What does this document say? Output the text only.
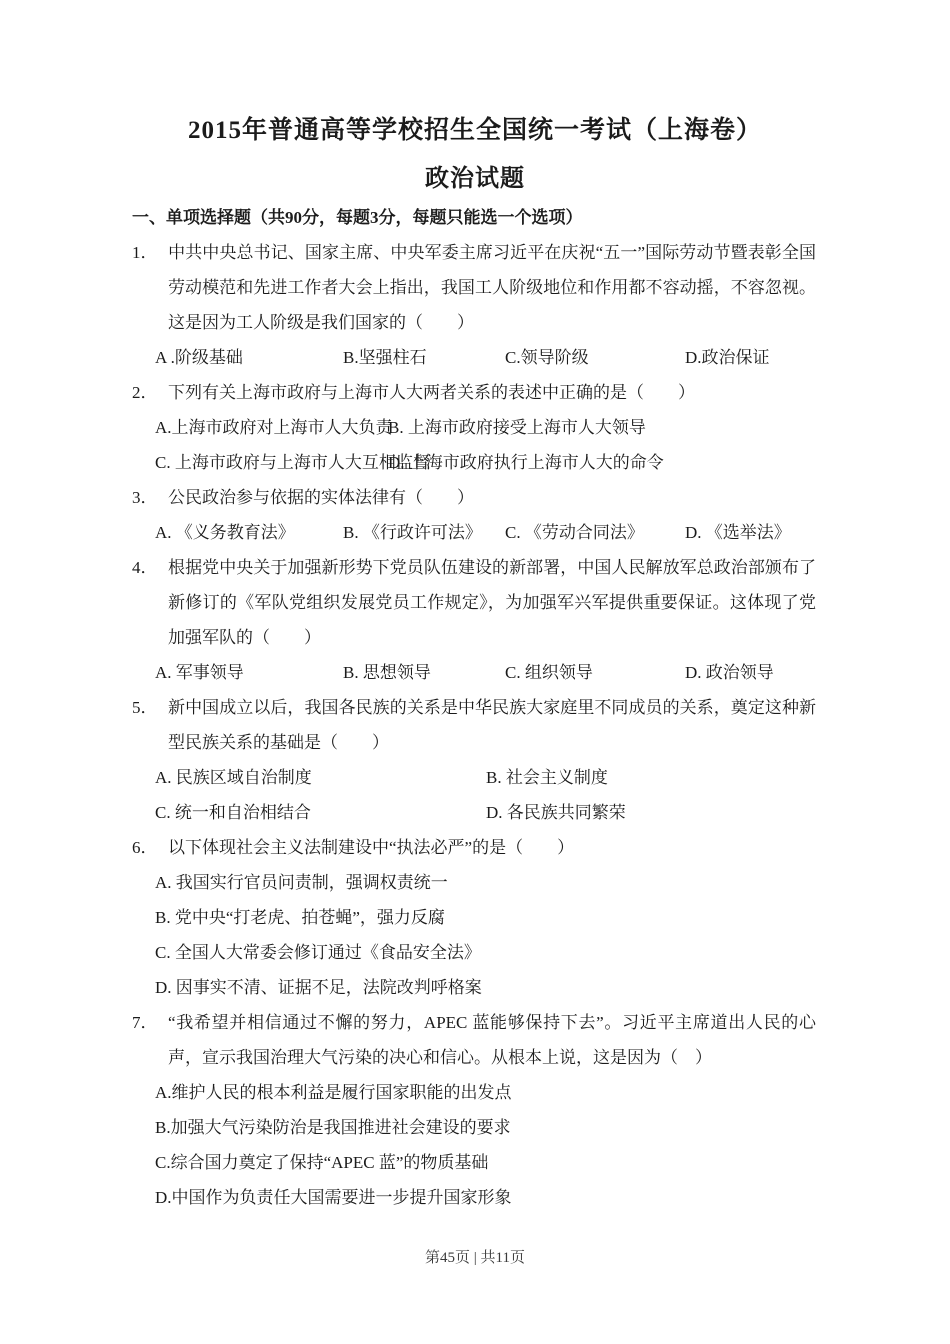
2015年普通高等学校招生全国统一考试（上海卷）
政治试题
一、单项选择题（共90分，每题3分，每题只能选一个选项）

1． 中共中央总书记、国家主席、中央军委主席习近平在庆祝“五一”国际劳动节暨表彰全国劳动模范和先进工作者大会上指出，我国工人阶级地位和作用都不容动摇，不容忽视。这是因为工人阶级是我们国家的（　　）

A .阶级基础	B.坚强柱石	C.领导阶级	D.政治保证

2． 下列有关上海市政府与上海市人大两者关系的表述中正确的是（　　）

A.上海市政府对上海市人大负责
B. 上海市政府接受上海市人大领导
C. 上海市政府与上海市人大互相监督
D. 上海市政府执行上海市人大的命令

3． 公民政治参与依据的实体法律有（　　）

A. 《义务教育法》	B. 《行政许可法》	C. 《劳动合同法》	D. 《选举法》

4． 根据党中央关于加强新形势下党员队伍建设的新部署，中国人民解放军总政治部颁布了新修订的《军队党组织发展党员工作规定》，为加强军兴军提供重要保证。这体现了党加强军队的（　　）

A. 军事领导	B. 思想领导	C. 组织领导	D. 政治领导

5． 新中国成立以后，我国各民族的关系是中华民族大家庭里不同成员的关系，奠定这种新型民族关系的基础是（　　）

A. 民族区域自治制度	B. 社会主义制度
C. 统一和自治相结合	D. 各民族共同繁荣

6． 以下体现社会主义法制建设中“执法必严”的是（　　）

A. 我国实行官员问责制，强调权责统一
B. 党中央“打老虎、拍苍蝇”，强力反腐
C. 全国人大常委会修订通过《食品安全法》
D. 因事实不清、证据不足，法院改判呼格案

7． “我希望并相信通过不懈的努力，APEC 蓝能够保持下去”。习近平主席道出人民的心声，宣示我国治理大气污染的决心和信心。从根本上说，这是因为（　）

A.维护人民的根本利益是履行国家职能的出发点
B.加强大气污染防治是我国推进社会建设的要求
C.综合国力奠定了保持“APEC 蓝”的物质基础
D.中国作为负责任大国需要进一步提升国家形象
第45页 | 共11页
